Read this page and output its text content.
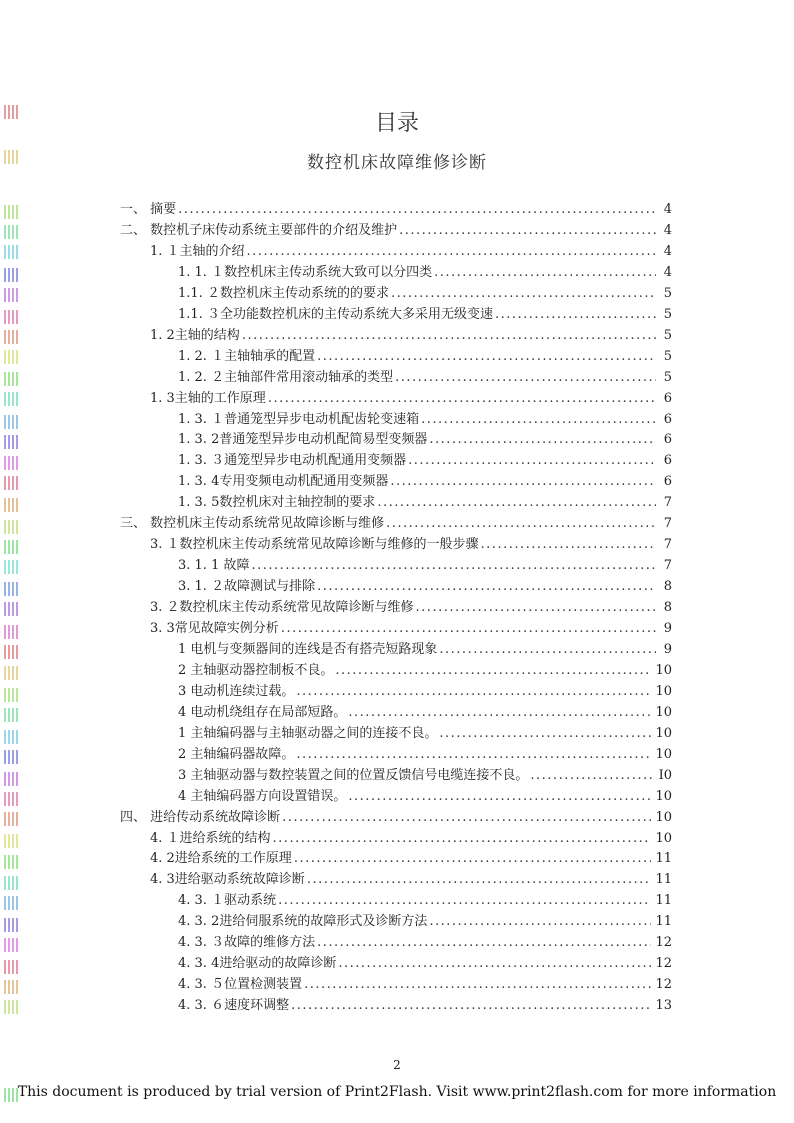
目录
数控机床故障维修诊断
一、 摘要 .....	4
二、 数控机子床传动系统主要部件的介绍及维护 .....	4
1. １主轴的介绍 .....	4
1. 1. １数控机床主传动系统大致可以分四类 .....	4
1.1. ２数控机床主传动系统的的要求 .....	5
1.1. ３全功能数控机床的主传动系统大多采用无级变速 .....	5
1. 2主轴的结构 .....	5
1. 2. １主轴轴承的配置 .....	5
1. 2. ２主轴部件常用滚动轴承的类型 .....	5
1. 3主轴的工作原理 .....	6
1. 3. １普通笼型异步电动机配齿轮变速箱 .....	6
1. 3. 2普通笼型异步电动机配简易型变频器 .....	6
1. 3. ３通笼型异步电动机配通用变频器 .....	6
1. 3. 4专用变频电动机配通用变频器 .....	6
1. 3. 5数控机床对主轴控制的要求 .....	7
三、 数控机床主传动系统常见故障诊断与维修 .....	7
3. １数控机床主传动系统常见故障诊断与维修的一般步骤 .....	7
3. 1. 1 故障 .....	7
3. 1. ２故障测试与排除 .....	8
3. ２数控机床主传动系统常见故障诊断与维修 .....	8
3. 3常见故障实例分析 .....	9
1 电机与变频器间的连线是否有搭壳短路现象 .....	9
2 主轴驱动器控制板不良。 .....	10
3 电动机连续过载。 .....	10
4 电动机绕组存在局部短路。 .....	10
1 主轴编码器与主轴驱动器之间的连接不良。 .....	10
2 主轴编码器故障。 .....	10
3 主轴驱动器与数控装置之间的位置反馈信号电缆连接不良。 .....	I0
4 主轴编码器方向设置错误。 .....	10
四、 进给传动系统故障诊断 .....	10
4. １进给系统的结构 .....	10
4. 2进给系统的工作原理 .....	11
4. 3进给驱动系统故障诊断 .....	11
4. 3. １驱动系统 .....	11
4. 3. 2进给伺服系统的故障形式及诊断方法 .....	11
4. 3. ３故障的维修方法 .....	12
4. 3. 4进给驱动的故障诊断 .....	12
4. 3. ５位置检测装置 .....	12
4. 3. ６速度环调整 .....	13
2
This document is produced by trial version of Print2Flash. Visit www.print2flash.com for more information
